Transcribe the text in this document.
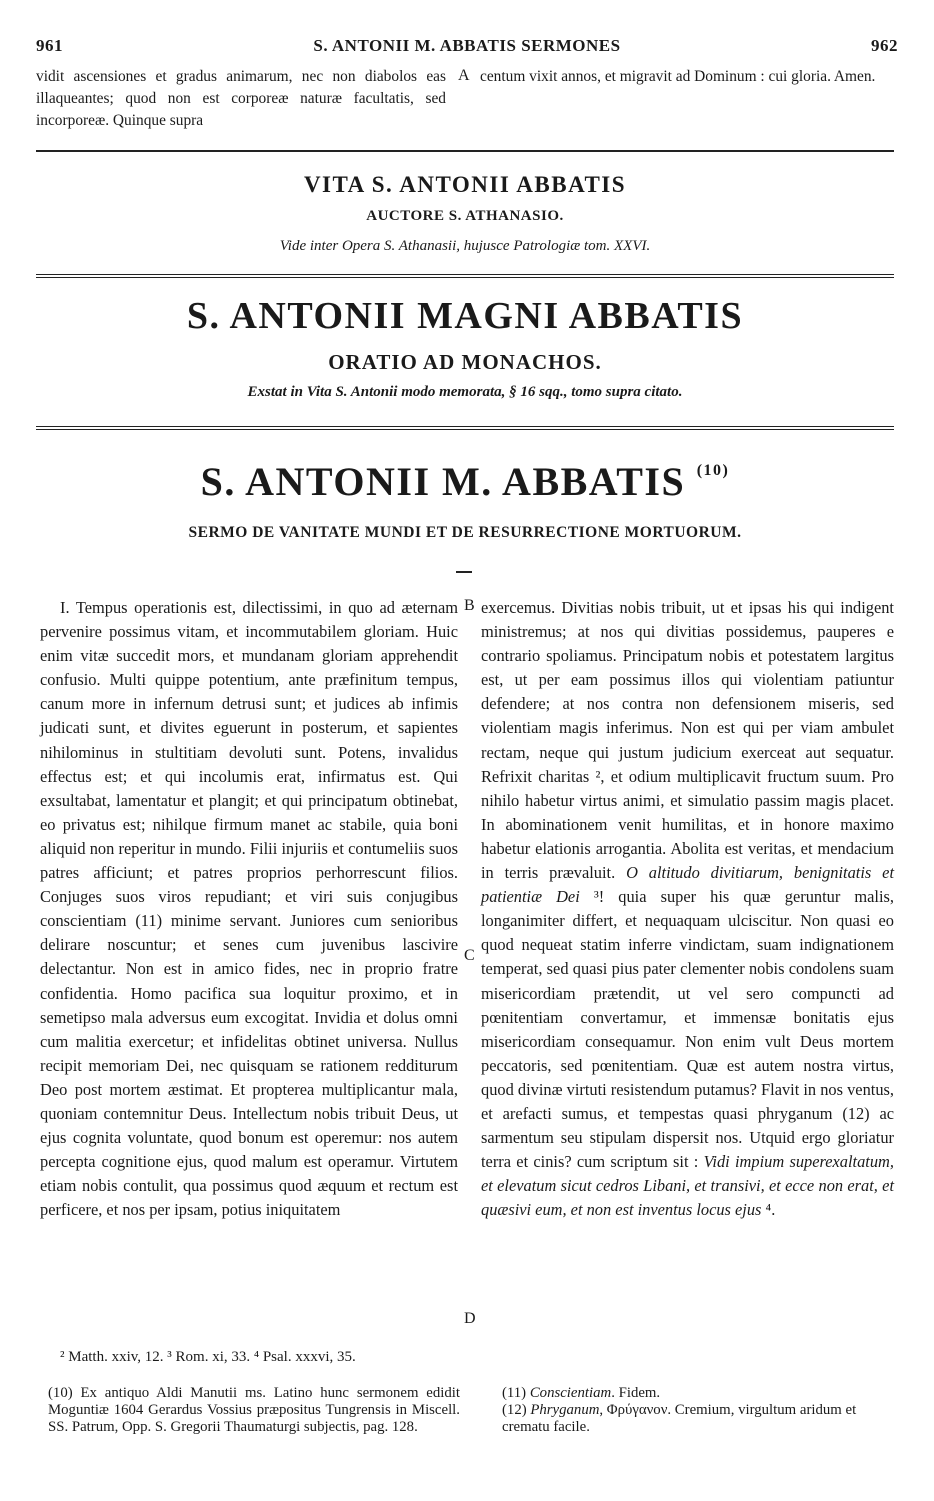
961	S. ANTONII M. ABBATIS SERMONES	962

vidit ascensiones et gradus animarum, nec non diabolos eas illaqueantes; quod non est corporeæ naturæ facultatis, sed incorporeæ. Quinque supra

A centum vixit annos, et migravit ad Dominum : cui gloria. Amen.

VITA S. ANTONII ABBATIS
AUCTORE S. ATHANASIO.
Vide inter Opera S. Athanasii, hujusce Patrologiæ tom. XXVI.
S. ANTONII MAGNI ABBATIS
ORATIO AD MONACHOS.
Exstat in Vita S. Antonii modo memorata, § 16 sqq., tomo supra citato.
S. ANTONII M. ABBATIS $^{(10)}$
SERMO DE VANITATE MUNDI ET DE RESURRECTIONE MORTUORUM.

I. Tempus operationis est, dilectissimi, in quo ad æternam pervenire possimus vitam, et incommutabilem gloriam. Huic enim vitæ succedit mors, et mundanam gloriam apprehendit confusio. Multi quippe potentium, ante præfinitum tempus, canum more in infernum detrusi sunt; et judices ab infimis judicati sunt, et divites eguerunt in posterum, et sapientes nihilominus in stultitiam devoluti sunt. Potens, invalidus effectus est; et qui incolumis erat, infirmatus est. Qui exsultabat, lamentatur et plangit; et qui principatum obtinebat, eo privatus est; nihilque firmum manet ac stabile, quia boni aliquid non reperitur in mundo. Filii injuriis et contumeliis suos patres afficiunt; et patres proprios perhorrescunt filios. Conjuges suos viros repudiant; et viri suis conjugibus conscientiam (11) minime servant. Juniores cum senioribus delirare noscuntur; et senes cum juvenibus lascivire delectantur. Non est in amico fides, nec in proprio fratre confidentia. Homo pacifica sua loquitur proximo, et in semetipso mala adversus eum excogitat. Invidia et dolus omni cum malitia exercetur; et infidelitas obtinet universa. Nullus recipit memoriam Dei, nec quisquam se rationem redditurum Deo post mortem æstimat. Et propterea multiplicantur mala, quoniam contemnitur Deus. Intellectum nobis tribuit Deus, ut ejus cognita voluntate, quod bonum est operemur: nos autem percepta cognitione ejus, quod malum est operamur. Virtutem etiam nobis contulit, qua possimus quod æquum et rectum est perficere, et nos per ipsam, potius iniquitatem

B
C
D

exercemus. Divitias nobis tribuit, ut et ipsas his qui indigent ministremus; at nos qui divitias possidemus, pauperes e contrario spoliamus. Principatum nobis et potestatem largitus est, ut per eam possimus illos qui violentiam patiuntur defendere; at nos contra non defensionem miseris, sed violentiam magis inferimus. Non est qui per viam ambulet rectam, neque qui justum judicium exerceat aut sequatur. Refrixit charitas ², et odium multiplicavit fructum suum. Pro nihilo habetur virtus animi, et simulatio passim magis placet. In abominationem venit humilitas, et in honore maximo habetur elationis arrogantia. Abolita est veritas, et mendacium in terris prævaluit. O altitudo divitiarum, benignitatis et patientiæ Dei ³! quia super his quæ geruntur malis, longanimiter differt, et nequaquam ulciscitur. Non quasi eo quod nequeat statim inferre vindictam, suam indignationem temperat, sed quasi pius pater clementer nobis condolens suam misericordiam prætendit, ut vel sero compuncti ad pœnitentiam convertamur, et immensæ bonitatis ejus misericordiam consequamur. Non enim vult Deus mortem peccatoris, sed pœnitentiam. Quæ est autem nostra virtus, quod divinæ virtuti resistendum putamus? Flavit in nos ventus, et arefacti sumus, et tempestas quasi phryganum (12) ac sarmentum seu stipulam dispersit nos. Utquid ergo gloriatur terra et cinis? cum scriptum sit : Vidi impium superexaltatum, et elevatum sicut cedros Libani, et transivi, et ecce non erat, et quæsivi eum, et non est inventus locus ejus ⁴.

² Matth. xxiv, 12. ³ Rom. xi, 33. ⁴ Psal. xxxvi, 35.

(10) Ex antiquo Aldi Manutii ms. Latino hunc sermonem edidit Moguntiæ 1604 Gerardus Vossius præpositus Tungrensis in Miscell. SS. Patrum, Opp. S. Gregorii Thaumaturgi subjectis, pag. 128.

(11) Conscientiam. Fidem.

(12) Phryganum, Φρύγανον. Cremium, virgultum aridum et crematu facile.
